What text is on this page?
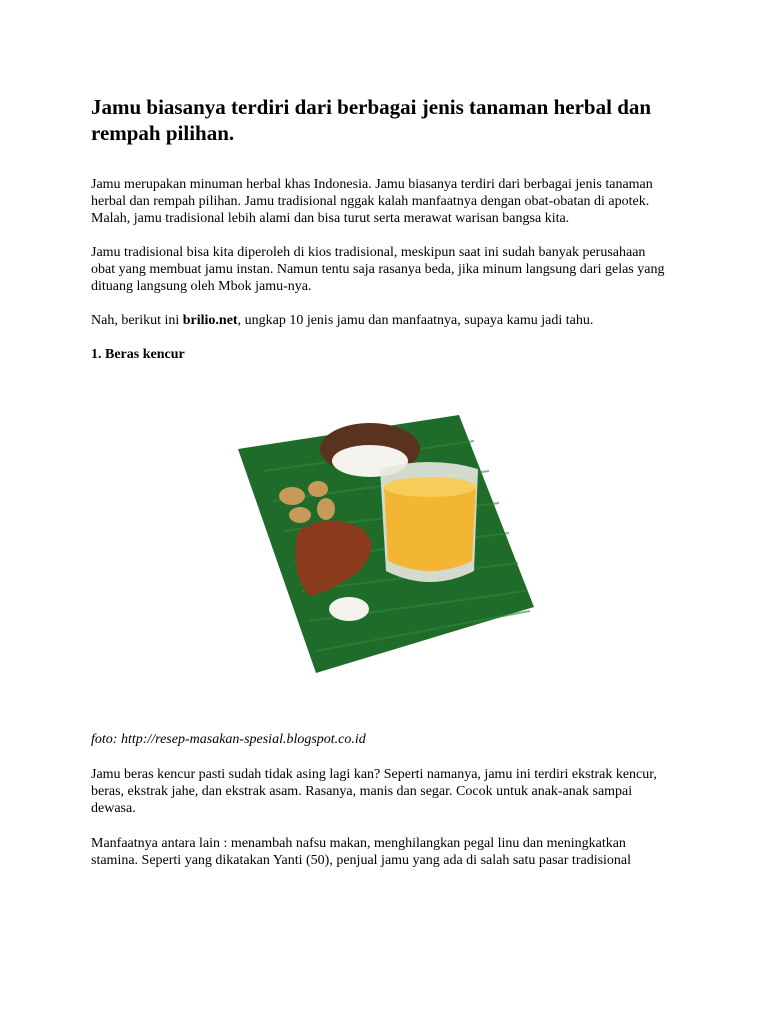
Jamu biasanya terdiri dari berbagai jenis tanaman herbal dan rempah pilihan.

Jamu merupakan minuman herbal khas Indonesia. Jamu biasanya terdiri dari berbagai jenis tanaman herbal dan rempah pilihan. Jamu tradisional nggak kalah manfaatnya dengan obat-obatan di apotek. Malah, jamu tradisional lebih alami dan bisa turut serta merawat warisan bangsa kita.

Jamu tradisional bisa kita diperoleh di kios tradisional, meskipun saat ini sudah banyak perusahaan obat yang membuat jamu instan. Namun tentu saja rasanya beda, jika minum langsung dari gelas yang dituang langsung oleh Mbok jamu-nya.

Nah, berikut ini brilio.net, ungkap 10 jenis jamu dan manfaatnya, supaya kamu jadi tahu.

1. Beras kencur

foto: http://resep-masakan-spesial.blogspot.co.id

Jamu beras kencur pasti sudah tidak asing lagi kan? Seperti namanya, jamu ini terdiri ekstrak kencur, beras, ekstrak jahe, dan ekstrak asam. Rasanya, manis dan segar. Cocok untuk anak-anak sampai dewasa.

Manfaatnya antara lain : menambah nafsu makan, menghilangkan pegal linu dan meningkatkan stamina. Seperti yang dikatakan Yanti (50), penjual jamu yang ada di salah satu pasar tradisional
